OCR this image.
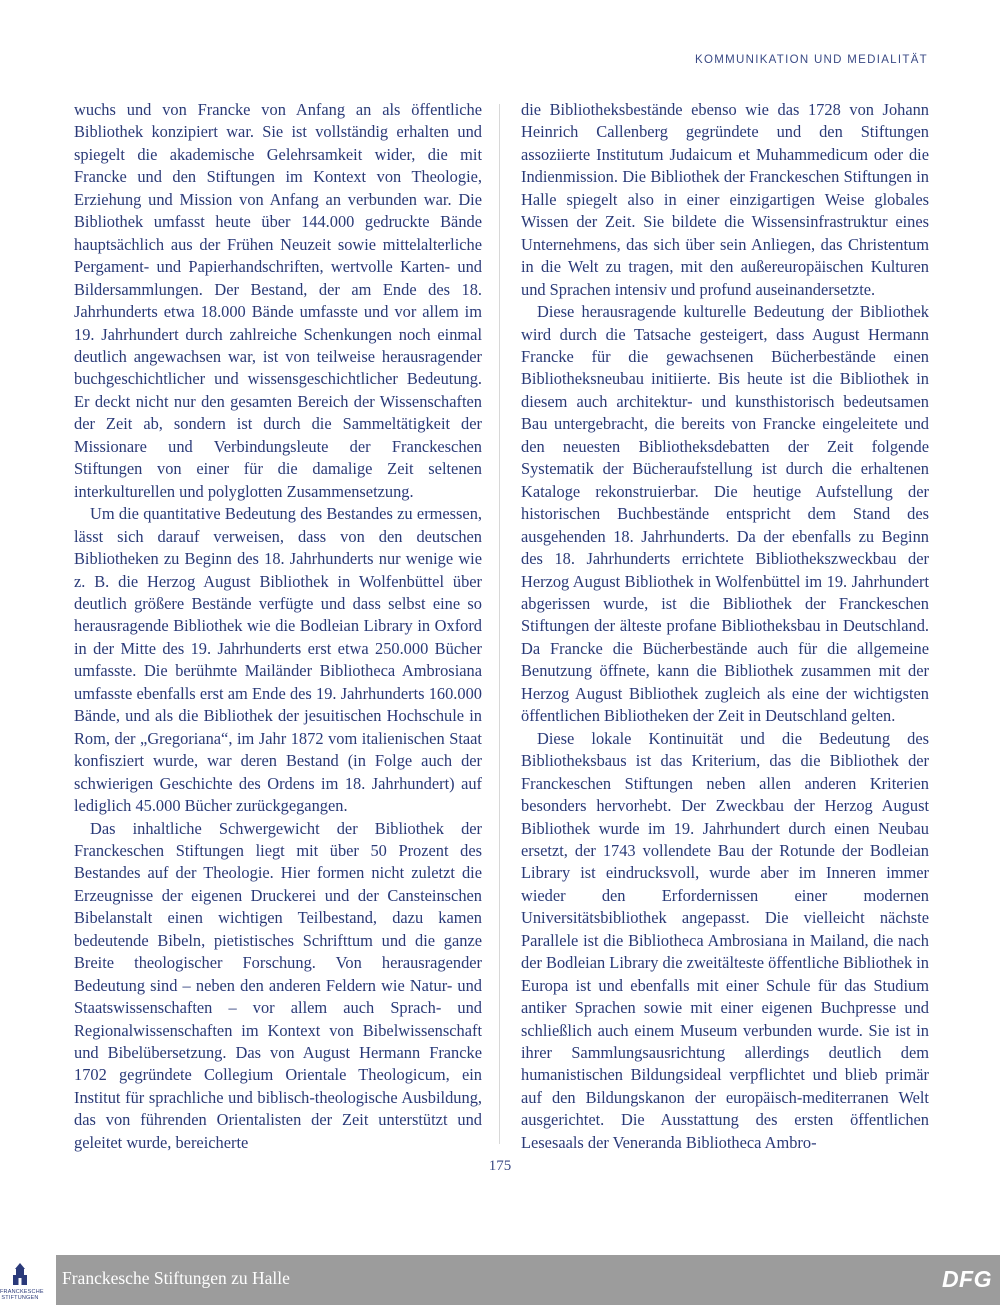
KOMMUNIKATION UND MEDIALITÄT

wuchs und von Francke von Anfang an als öffentliche Bibliothek konzipiert war. Sie ist vollständig erhalten und spiegelt die akademische Gelehrsamkeit wider, die mit Francke und den Stiftungen im Kontext von Theologie, Erziehung und Mission von Anfang an verbunden war. Die Bibliothek umfasst heute über 144.000 gedruckte Bände hauptsächlich aus der Frühen Neuzeit sowie mittelalterliche Pergament- und Papierhandschriften, wertvolle Karten- und Bildersammlungen. Der Bestand, der am Ende des 18. Jahrhunderts etwa 18.000 Bände umfasste und vor allem im 19. Jahrhundert durch zahlreiche Schenkungen noch einmal deutlich angewachsen war, ist von teilweise herausragender buchgeschichtlicher und wissensgeschichtlicher Bedeutung. Er deckt nicht nur den gesamten Bereich der Wissenschaften der Zeit ab, sondern ist durch die Sammeltätigkeit der Missionare und Verbindungsleute der Franckeschen Stiftungen von einer für die damalige Zeit seltenen interkulturellen und polyglotten Zusammensetzung.

Um die quantitative Bedeutung des Bestandes zu ermessen, lässt sich darauf verweisen, dass von den deutschen Bibliotheken zu Beginn des 18. Jahrhunderts nur wenige wie z. B. die Herzog August Bibliothek in Wolfenbüttel über deutlich größere Bestände verfügte und dass selbst eine so herausragende Bibliothek wie die Bodleian Library in Oxford in der Mitte des 19. Jahrhunderts erst etwa 250.000 Bücher umfasste. Die berühmte Mailänder Bibliotheca Ambrosiana umfasste ebenfalls erst am Ende des 19. Jahrhunderts 160.000 Bände, und als die Bibliothek der jesuitischen Hochschule in Rom, der „Gregoriana“, im Jahr 1872 vom italienischen Staat konfisziert wurde, war deren Bestand (in Folge auch der schwierigen Geschichte des Ordens im 18. Jahrhundert) auf lediglich 45.000 Bücher zurückgegangen.

Das inhaltliche Schwergewicht der Bibliothek der Franckeschen Stiftungen liegt mit über 50 Prozent des Bestandes auf der Theologie. Hier formen nicht zuletzt die Erzeugnisse der eigenen Druckerei und der Cansteinschen Bibelanstalt einen wichtigen Teilbestand, dazu kamen bedeutende Bibeln, pietistisches Schrifttum und die ganze Breite theologischer Forschung. Von herausragender Bedeutung sind – neben den anderen Feldern wie Natur- und Staatswissenschaften – vor allem auch Sprach- und Regionalwissenschaften im Kontext von Bibelwissenschaft und Bibelübersetzung. Das von August Hermann Francke 1702 gegründete Collegium Orientale Theologicum, ein Institut für sprachliche und biblisch-theologische Ausbildung, das von führenden Orientalisten der Zeit unterstützt und geleitet wurde, bereicherte

die Bibliotheksbestände ebenso wie das 1728 von Johann Heinrich Callenberg gegründete und den Stiftungen assoziierte Institutum Judaicum et Muhammedicum oder die Indienmission. Die Bibliothek der Franckeschen Stiftungen in Halle spiegelt also in einer einzigartigen Weise globales Wissen der Zeit. Sie bildete die Wissensinfrastruktur eines Unternehmens, das sich über sein Anliegen, das Christentum in die Welt zu tragen, mit den außereuropäischen Kulturen und Sprachen intensiv und profund auseinandersetzte.

Diese herausragende kulturelle Bedeutung der Bibliothek wird durch die Tatsache gesteigert, dass August Hermann Francke für die gewachsenen Bücherbestände einen Bibliotheksneubau initiierte. Bis heute ist die Bibliothek in diesem auch architektur- und kunsthistorisch bedeutsamen Bau untergebracht, die bereits von Francke eingeleitete und den neuesten Bibliotheksdebatten der Zeit folgende Systematik der Bücheraufstellung ist durch die erhaltenen Kataloge rekonstruierbar. Die heutige Aufstellung der historischen Buchbestände entspricht dem Stand des ausgehenden 18. Jahrhunderts. Da der ebenfalls zu Beginn des 18. Jahrhunderts errichtete Bibliothekszweckbau der Herzog August Bibliothek in Wolfenbüttel im 19. Jahrhundert abgerissen wurde, ist die Bibliothek der Franckeschen Stiftungen der älteste profane Bibliotheksbau in Deutschland. Da Francke die Bücherbestände auch für die allgemeine Benutzung öffnete, kann die Bibliothek zusammen mit der Herzog August Bibliothek zugleich als eine der wichtigsten öffentlichen Bibliotheken der Zeit in Deutschland gelten.

Diese lokale Kontinuität und die Bedeutung des Bibliotheksbaus ist das Kriterium, das die Bibliothek der Franckeschen Stiftungen neben allen anderen Kriterien besonders hervorhebt. Der Zweckbau der Herzog August Bibliothek wurde im 19. Jahrhundert durch einen Neubau ersetzt, der 1743 vollendete Bau der Rotunde der Bodleian Library ist eindrucksvoll, wurde aber im Inneren immer wieder den Erfordernissen einer modernen Universitätsbibliothek angepasst. Die vielleicht nächste Parallele ist die Bibliotheca Ambrosiana in Mailand, die nach der Bodleian Library die zweitälteste öffentliche Bibliothek in Europa ist und ebenfalls mit einer Schule für das Studium antiker Sprachen sowie mit einer eigenen Buchpresse und schließlich auch einem Museum verbunden wurde. Sie ist in ihrer Sammlungsausrichtung allerdings deutlich dem humanistischen Bildungsideal verpflichtet und blieb primär auf den Bildungskanon der europäisch-mediterranen Welt ausgerichtet. Die Ausstattung des ersten öffentlichen Lesesaals der Veneranda Bibliotheca Ambro-

175
FRANCKESCHE
STIFTUNGEN
Franckesche Stiftungen zu Halle	DFG
